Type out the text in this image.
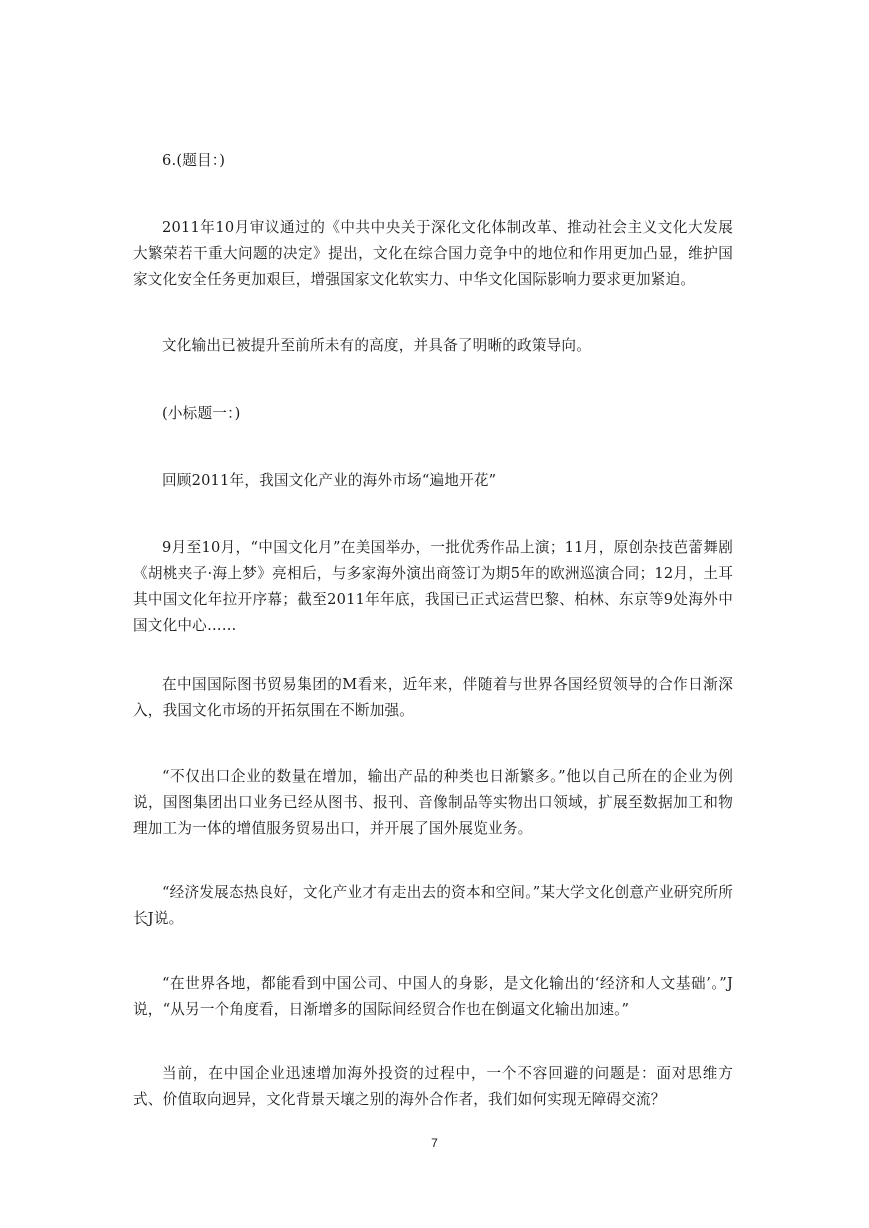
6.(题目：)

2011年10月审议通过的《中共中央关于深化文化体制改革、推动社会主义文化大发展大繁荣若干重大问题的决定》提出，文化在综合国力竞争中的地位和作用更加凸显，维护国家文化安全任务更加艰巨，增强国家文化软实力、中华文化国际影响力要求更加紧迫。

文化输出已被提升至前所未有的高度，并具备了明晰的政策导向。

(小标题一：)

回顾2011年，我国文化产业的海外市场“遍地开花”

9月至10月，“中国文化月”在美国举办，一批优秀作品上演；11月，原创杂技芭蕾舞剧《胡桃夹子·海上梦》亮相后，与多家海外演出商签订为期5年的欧洲巡演合同；12月，土耳其中国文化年拉开序幕；截至2011年年底，我国已正式运营巴黎、柏林、东京等9处海外中国文化中心……

在中国国际图书贸易集团的M看来，近年来，伴随着与世界各国经贸领导的合作日渐深入，我国文化市场的开拓氛围在不断加强。

“不仅出口企业的数量在增加，输出产品的种类也日渐繁多。”他以自己所在的企业为例说，国图集团出口业务已经从图书、报刊、音像制品等实物出口领域，扩展至数据加工和物理加工为一体的增值服务贸易出口，并开展了国外展览业务。

“经济发展态热良好，文化产业才有走出去的资本和空间。”某大学文化创意产业研究所所长J说。

“在世界各地，都能看到中国公司、中国人的身影，是文化输出的‘经济和人文基础’。”J说，“从另一个角度看，日渐增多的国际间经贸合作也在倒逼文化输出加速。”

当前，在中国企业迅速增加海外投资的过程中，一个不容回避的问题是：面对思维方式、价值取向迥异，文化背景天壤之别的海外合作者，我们如何实现无障碍交流？

7
